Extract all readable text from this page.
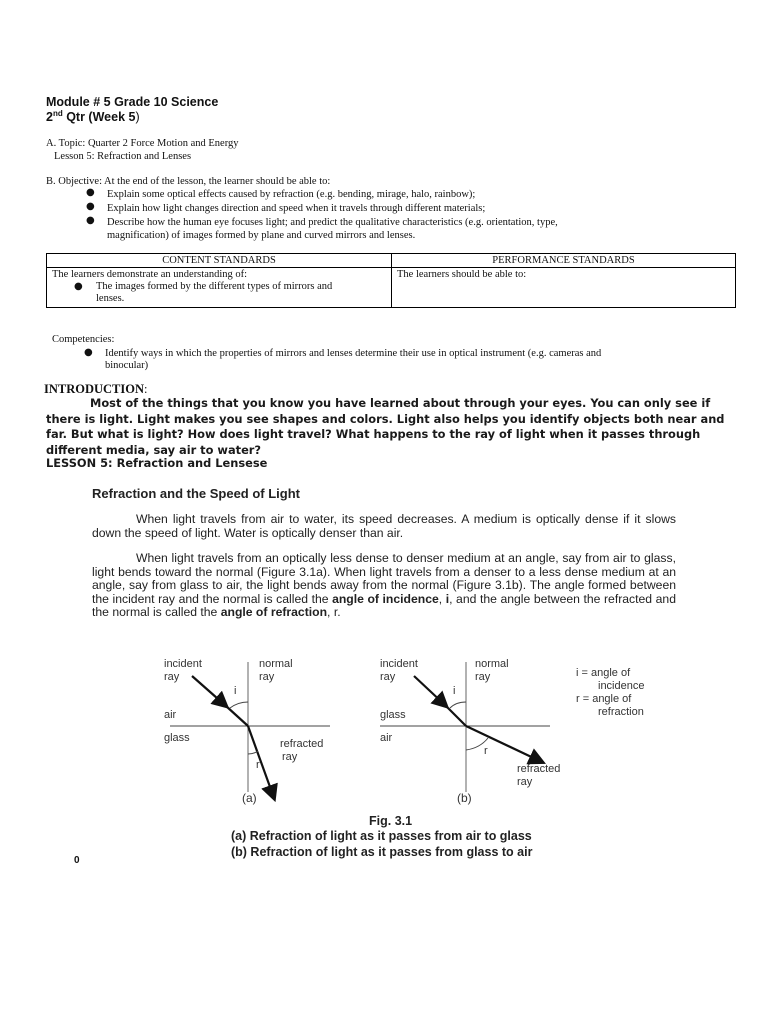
Module # 5 Grade 10 Science
2nd Qtr (Week 5)
A. Topic: Quarter 2 Force Motion and Energy
Lesson 5: Refraction and Lenses
B. Objective: At the end of the lesson, the learner should be able to:
● Explain some optical effects caused by refraction (e.g. bending, mirage, halo, rainbow);
● Explain how light changes direction and speed when it travels through different materials;
● Describe how the human eye focuses light; and predict the qualitative characteristics (e.g. orientation, type,
magnification) of images formed by plane and curved mirrors and lenses.
CONTENT STANDARDS	PERFORMANCE STANDARDS

The learners demonstrate an understanding of:
● The images formed by the different types of mirrors and
lenses.	The learners should be able to:
Competencies:
● Identify ways in which the properties of mirrors and lenses determine their use in optical instrument (e.g. cameras and
binocular)
INTRODUCTION:
Most of the things that you know you have learned about through your eyes. You can only see if there is light. Light makes you see shapes and colors. Light also helps you identify objects both near and far. But what is light? How does light travel? What happens to the ray of light when it passes through different media, say air to water?
LESSON 5: Refraction and Lensese
Refraction and the Speed of Light
When light travels from air to water, its speed decreases. A medium is optically dense if it slows down the speed of light. Water is optically denser than air.
When light travels from an optically less dense to denser medium at an angle, say from air to glass, light bends toward the normal (Figure 3.1a). When light travels from a denser to a less dense medium at an angle, say from glass to air, the light bends away from the normal (Figure 3.1b). The angle formed between the incident ray and the normal is called the angle of incidence, i, and the angle between the refracted and the normal is called the angle of refraction, r.
incident
ray
normal
ray
i
air
glass	refracted
ray
r
(a)
incident
ray
normal
ray
i
glass
air
r
refracted
ray
(b)
i = angle of
incidence
r = angle of
refraction
Fig. 3.1
(a) Refraction of light as it passes from air to glass
(b) Refraction of light as it passes from glass to air
0
